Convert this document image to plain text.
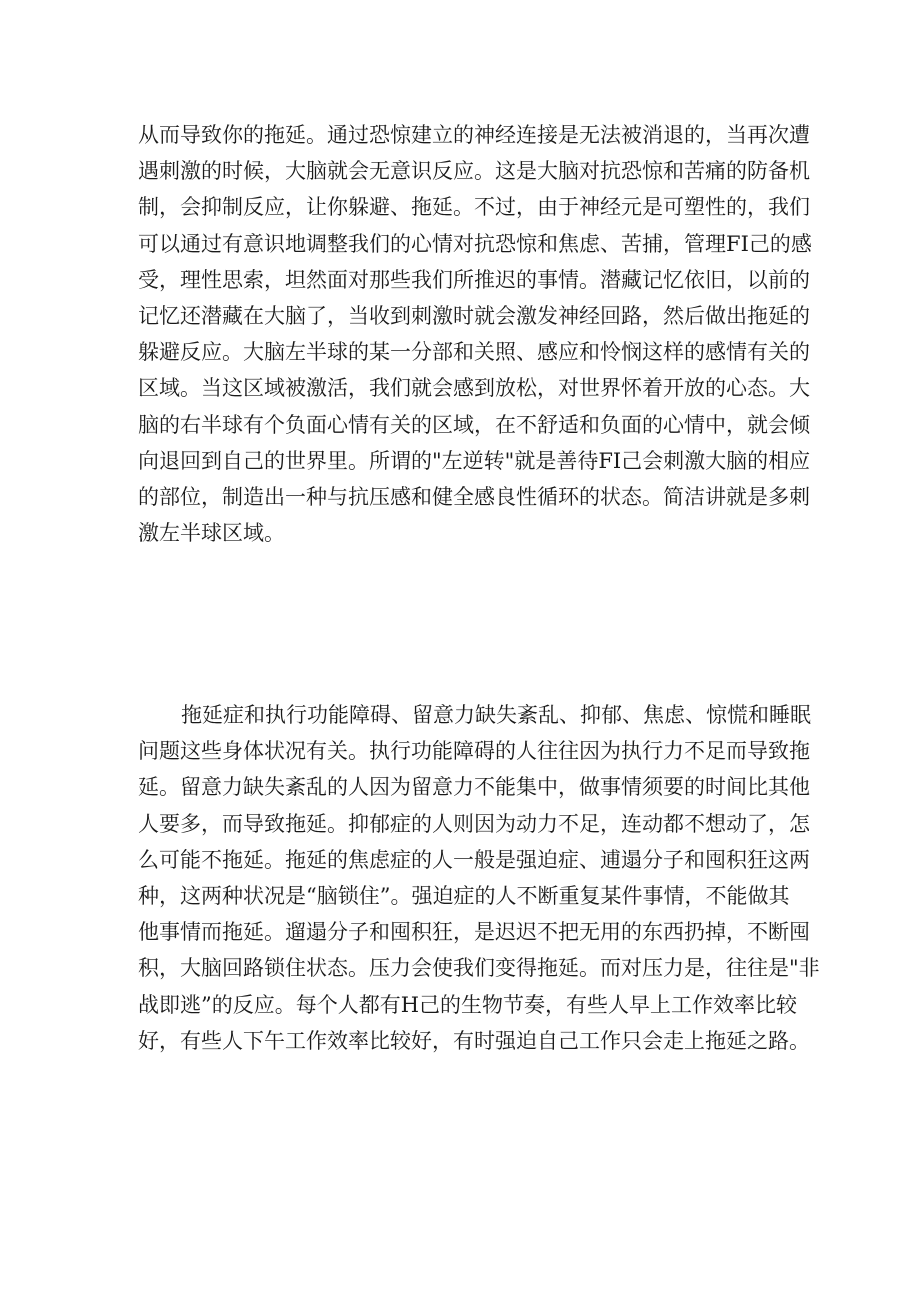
从而导致你的拖延。通过恐惊建立的神经连接是无法被消退的，当再次遭
遇刺激的时候，大脑就会无意识反应。这是大脑对抗恐惊和苦痛的防备机
制，会抑制反应，让你躲避、拖延。不过，由于神经元是可塑性的，我们
可以通过有意识地调整我们的心情对抗恐惊和焦虑、苦捕，管理FI己的感
受，理性思索，坦然面对那些我们所推迟的事情。潜藏记忆依旧，以前的
记忆还潜藏在大脑了，当收到刺激时就会激发神经回路，然后做出拖延的
躲避反应。大脑左半球的某一分部和关照、感应和怜悯这样的感情有关的
区域。当这区域被激活，我们就会感到放松，对世界怀着开放的心态。大
脑的右半球有个负面心情有关的区域，在不舒适和负面的心情中，就会倾
向退回到自己的世界里。所谓的"左逆转"就是善待FI己会刺激大脑的相应
的部位，制造出一种与抗压感和健全感良性循环的状态。简洁讲就是多刺
激左半球区域。
拖延症和执行功能障碍、留意力缺失紊乱、抑郁、焦虑、惊慌和睡眠
问题这些身体状况有关。执行功能障碍的人往往因为执行力不足而导致拖
延。留意力缺失紊乱的人因为留意力不能集中，做事情须要的时间比其他
人要多，而导致拖延。抑郁症的人则因为动力不足，连动都不想动了，怎
么可能不拖延。拖延的焦虑症的人一般是强迫症、逋遢分子和囤积狂这两
种，这两种状况是“脑锁住”。强迫症的人不断重复某件事情，不能做其
他事情而拖延。遛遢分子和囤积狂，是迟迟不把无用的东西扔掉，不断囤
积，大脑回路锁住状态。压力会使我们变得拖延。而对压力是，往往是"非
战即逃”的反应。每个人都有H己的生物节奏，有些人早上工作效率比较
好，有些人下午工作效率比较好，有时强迫自己工作只会走上拖延之路。
